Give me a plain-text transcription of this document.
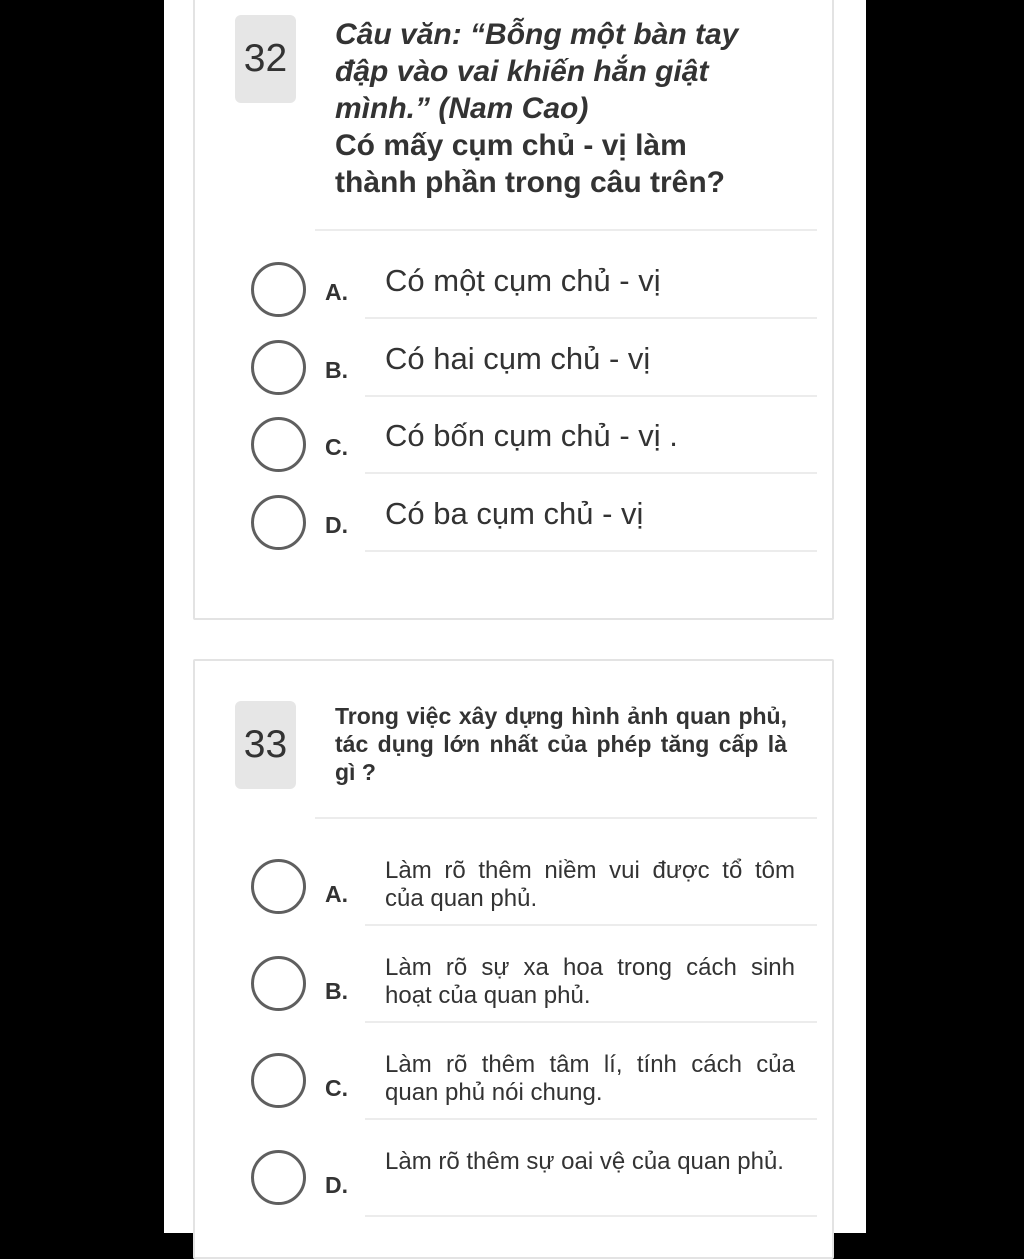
32
Câu văn: “Bỗng một bàn tay
đập vào vai khiến hắn giật
mình.” (Nam Cao)
Có mấy cụm chủ - vị làm
thành phần trong câu trên?
A. Có một cụm chủ - vị
B. Có hai cụm chủ - vị
C. Có bốn cụm chủ - vị .
D. Có ba cụm chủ - vị
33
Trong việc xây dựng hình ảnh quan phủ, tác dụng lớn nhất của phép tăng cấp là gì ?
A.
Làm rõ thêm niềm vui được tổ tôm của quan phủ.
B.
Làm rõ sự xa hoa trong cách sinh hoạt của quan phủ.
C.
Làm rõ thêm tâm lí, tính cách của quan phủ nói chung.
D.
Làm rõ thêm sự oai vệ của quan phủ.
